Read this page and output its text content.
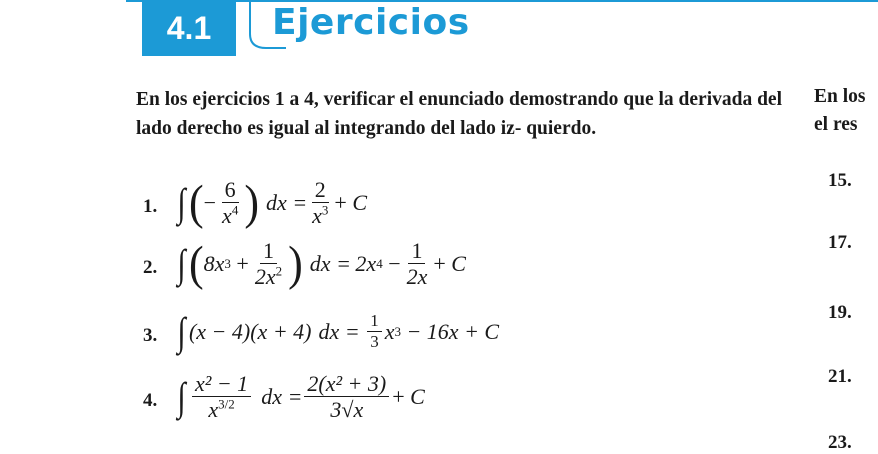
4.1	Ejercicios
En los ejercicios 1 a 4, verificar el enunciado demostrando que la derivada del lado derecho es igual al integrando del lado iz- quierdo.
En los
el res
15.
17.
19.
21.
23.
1. ∫ ( − $\frac{6}{x^4}$ ) dx = $\frac{2}{x^3} + C$
2. ∫ ( 8x $3 + \frac{1}{2x^2}$ ) dx = 2x $4 - \frac{1}{2x} + C$
3. ∫ (x − 4)(x + 4) dx = $\frac{1}{3}$ x 3
− 16x + C
4. ∫ $\frac{\text{x² − 1}}{x^{3/2}}$ dx = $\frac{\text{2(x² + 3)}}{3√x} + C$
